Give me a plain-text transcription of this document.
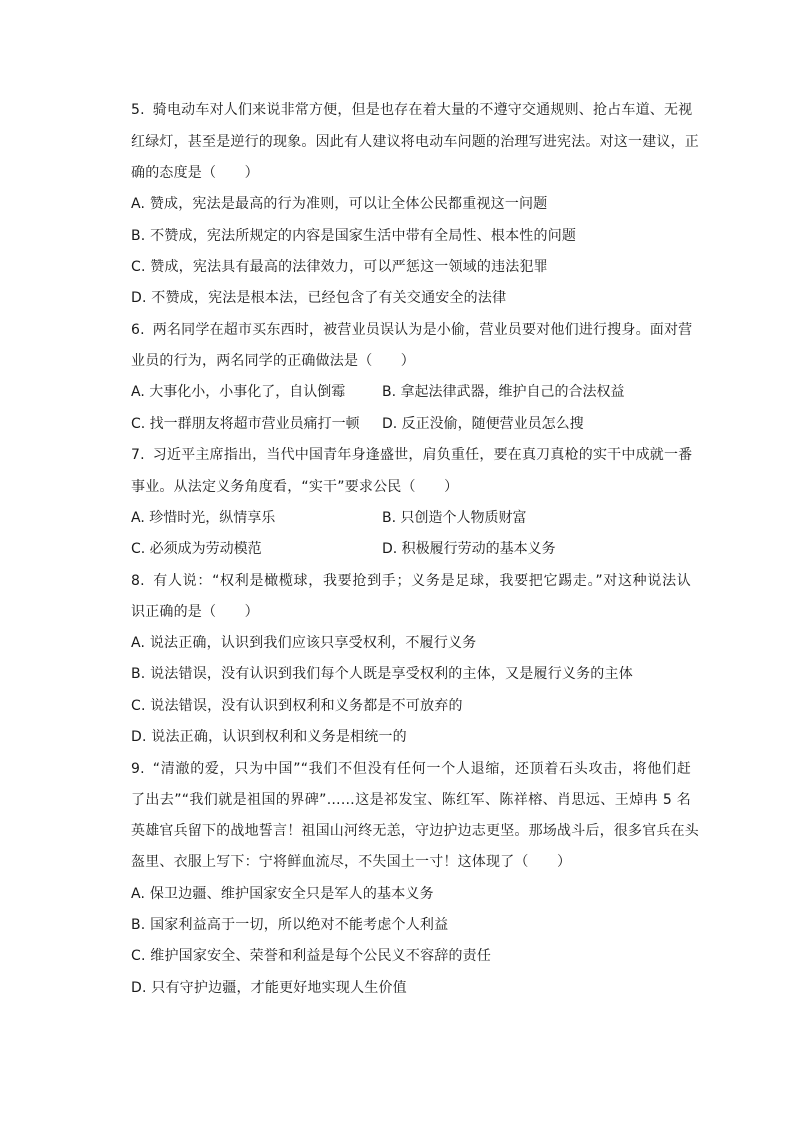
5. 骑电动车对人们来说非常方便，但是也存在着大量的不遵守交通规则、抢占车道、无视
红绿灯，甚至是逆行的现象。因此有人建议将电动车问题的治理写进宪法。对这一建议，正
确的态度是（　　）
A. 赞成，宪法是最高的行为准则，可以让全体公民都重视这一问题
B. 不赞成，宪法所规定的内容是国家生活中带有全局性、根本性的问题
C. 赞成，宪法具有最高的法律效力，可以严惩这一领域的违法犯罪
D. 不赞成，宪法是根本法，已经包含了有关交通安全的法律
6. 两名同学在超市买东西时，被营业员误认为是小偷，营业员要对他们进行搜身。面对营
业员的行为，两名同学的正确做法是（　　）
A. 大事化小，小事化了，自认倒霉	B. 拿起法律武器，维护自己的合法权益
C. 找一群朋友将超市营业员痛打一顿 D. 反正没偷，随便营业员怎么搜
7. 习近平主席指出，当代中国青年身逢盛世，肩负重任，要在真刀真枪的实干中成就一番
事业。从法定义务角度看，“实干”要求公民（　　）
A. 珍惜时光，纵情享乐	B. 只创造个人物质财富
C. 必须成为劳动模范	D. 积极履行劳动的基本义务
8. 有人说：“权利是橄榄球，我要抢到手；义务是足球，我要把它踢走。”对这种说法认
识正确的是（　　）
A. 说法正确，认识到我们应该只享受权利，不履行义务
B. 说法错误，没有认识到我们每个人既是享受权利的主体，又是履行义务的主体
C. 说法错误，没有认识到权利和义务都是不可放弃的
D. 说法正确，认识到权利和义务是相统一的
9. “清澈的爱，只为中国”“我们不但没有任何一个人退缩，还顶着石头攻击，将他们赶
了出去”“我们就是祖国的界碑”……这是祁发宝、陈红军、陈祥榕、肖思远、王焯冉 5 名
英雄官兵留下的战地誓言！祖国山河终无恙，守边护边志更坚。那场战斗后，很多官兵在头
盔里、衣服上写下：宁将鲜血流尽，不失国土一寸！这体现了（　　）
A. 保卫边疆、维护国家安全只是军人的基本义务
B. 国家利益高于一切，所以绝对不能考虑个人利益
C. 维护国家安全、荣誉和利益是每个公民义不容辞的责任
D. 只有守护边疆，才能更好地实现人生价值
